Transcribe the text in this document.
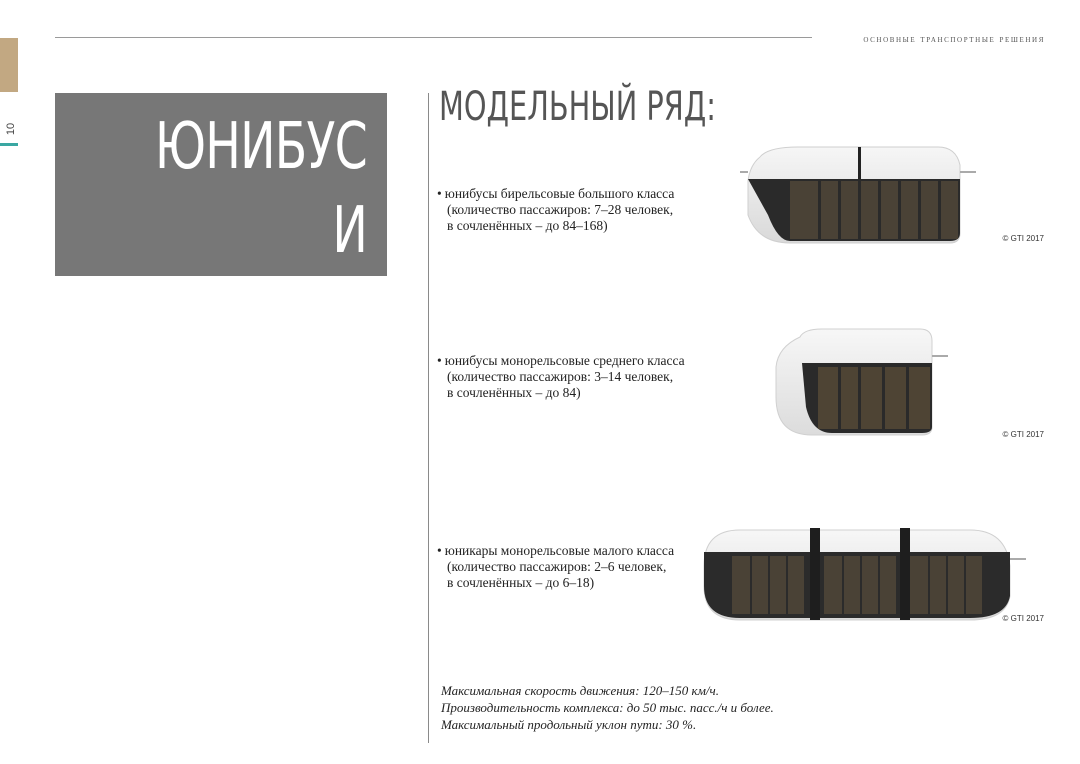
10
основные транспортные решения
ЮНИБУС
И ЮНИКАР
МОДЕЛЬНЫЙ РЯД:
• юнибусы бирельсовые большого класса
(количество пассажиров: 7–28 человек,
в сочленённых – до 84–168)
© GTI 2017
• юнибусы монорельсовые среднего класса
(количество пассажиров: 3–14 человек,
в сочленённых – до 84)
© GTI 2017
• юникары монорельсовые малого класса
(количество пассажиров: 2–6 человек,
в сочленённых – до 6–18)
© GTI 2017
Максимальная скорость движения: 120–150 км/ч.
Производительность комплекса: до 50 тыс. пасс./ч и более.
Максимальный продольный уклон пути: 30 %.
